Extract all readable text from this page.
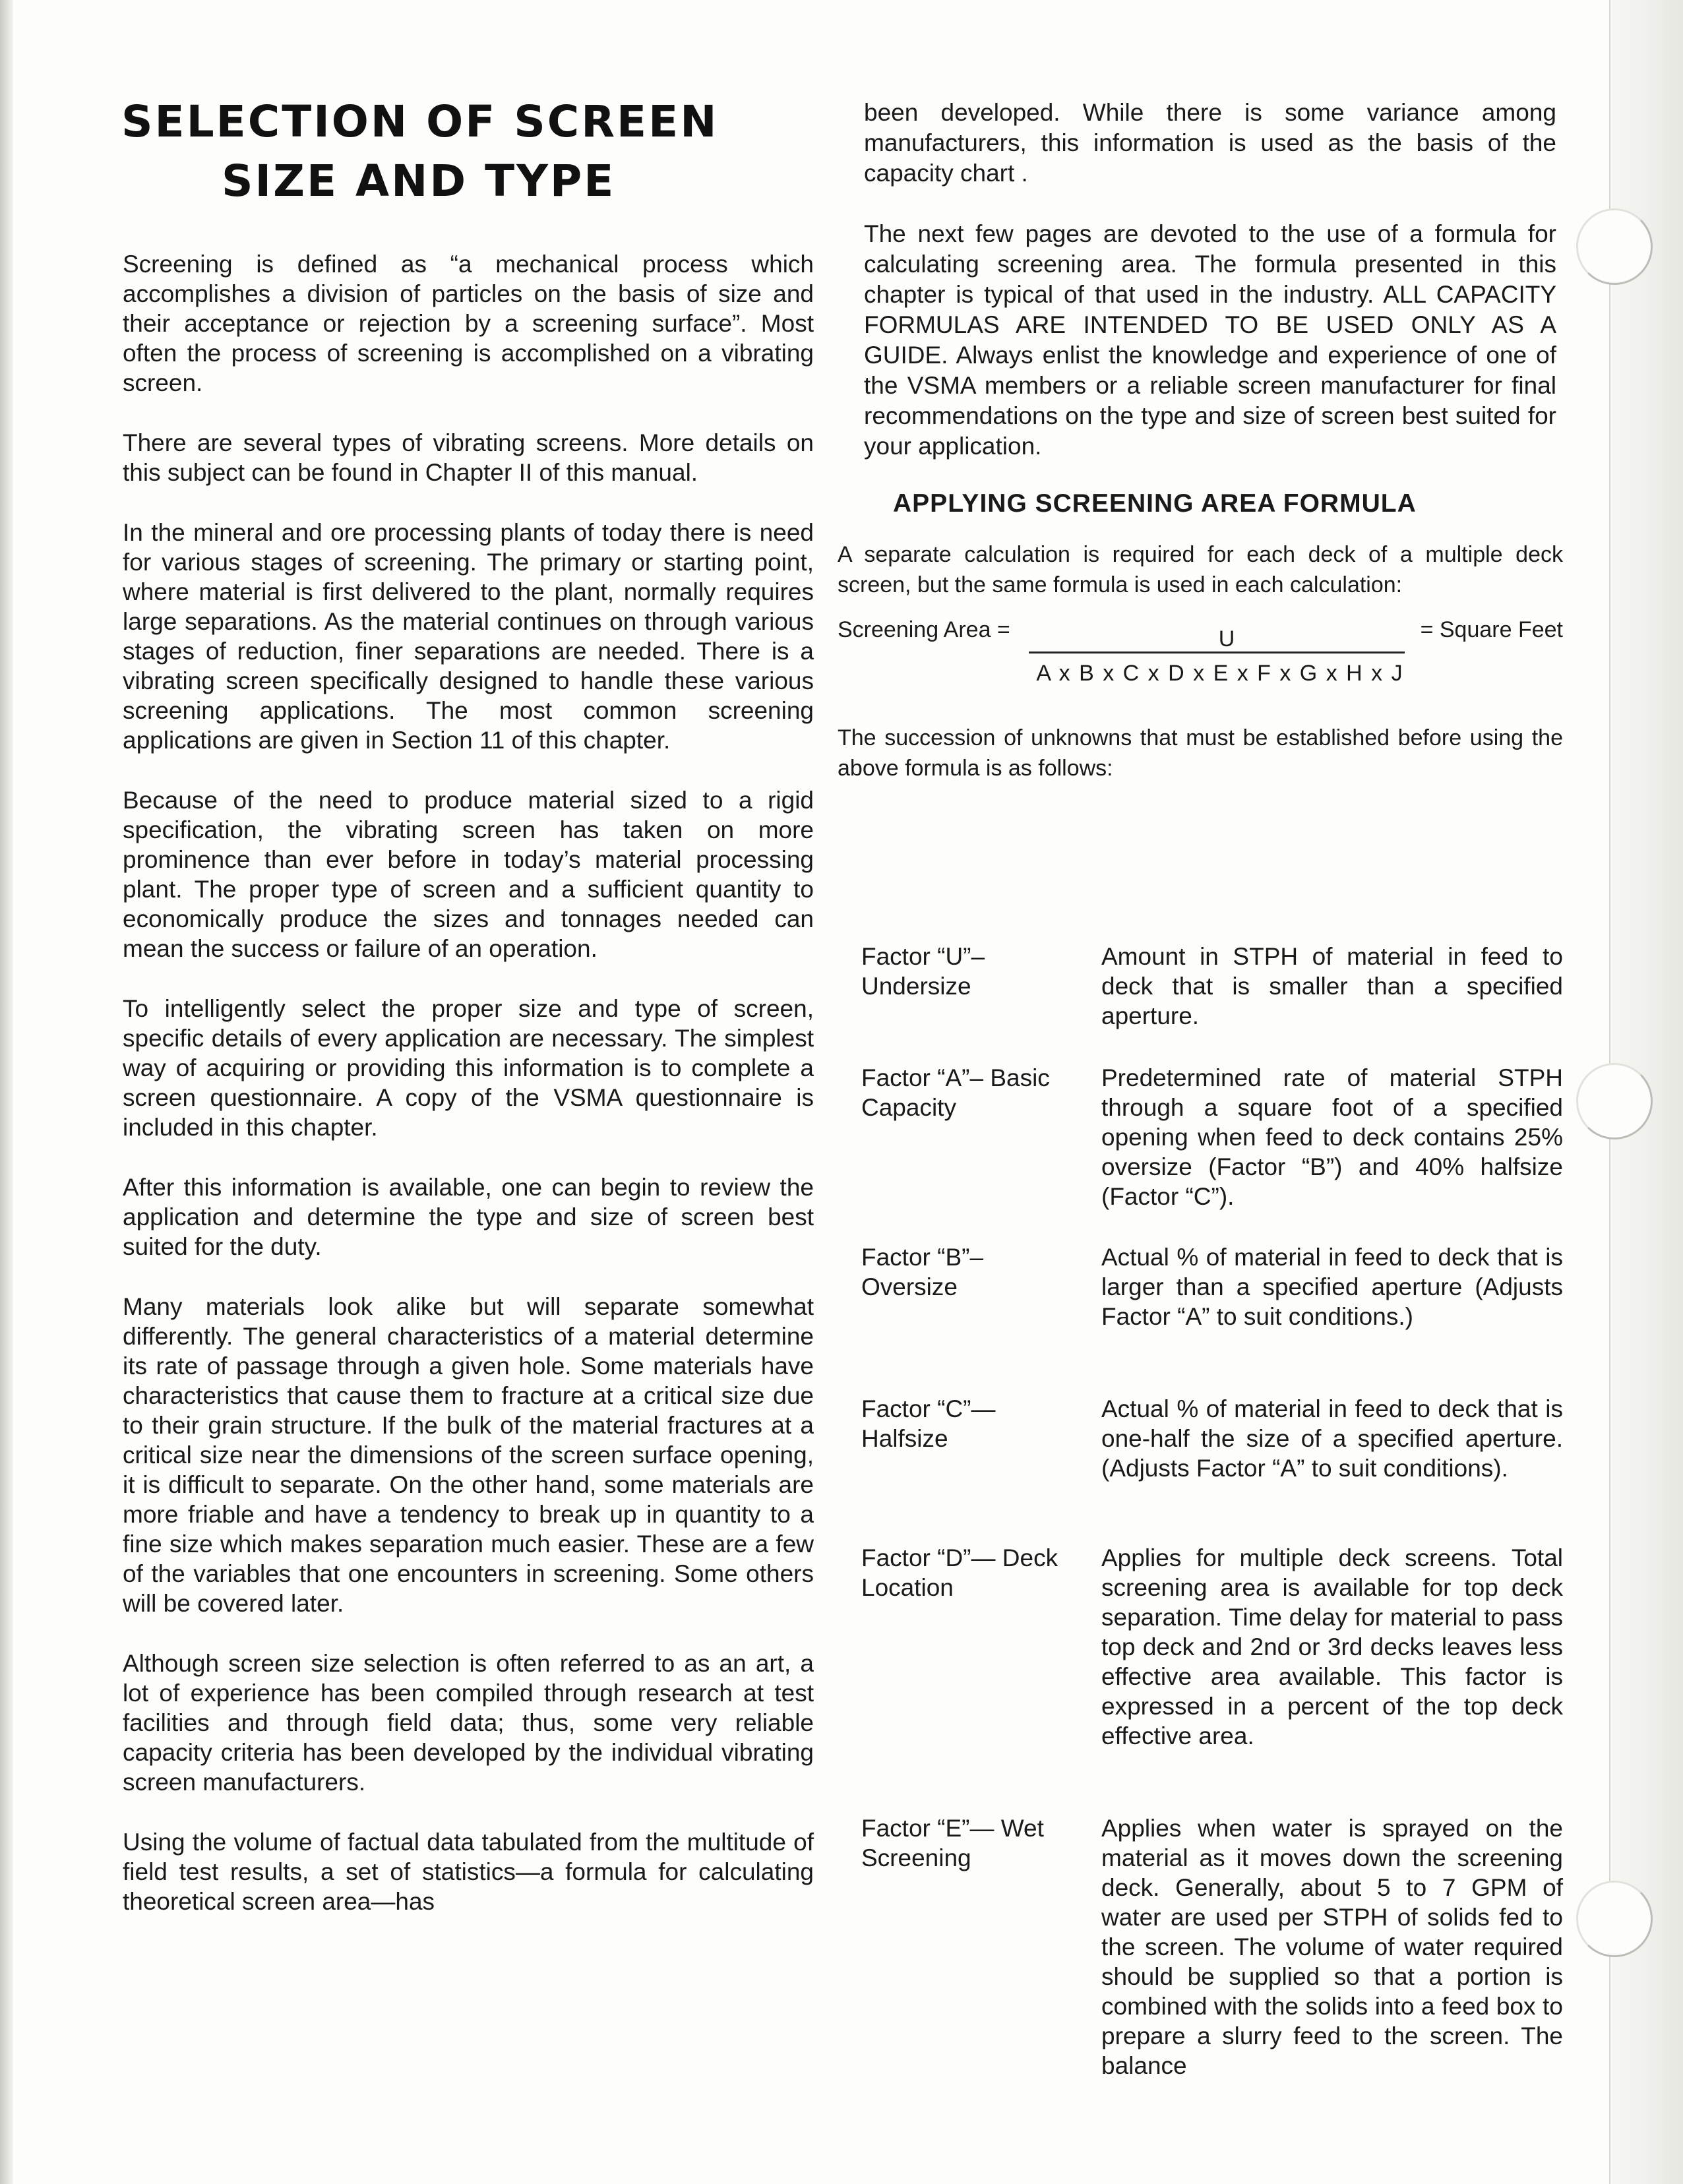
SELECTION OF SCREEN
SIZE AND TYPE

Screening is defined as “a mechanical process which accomplishes a division of particles on the basis of size and their acceptance or rejection by a screening surface”. Most often the process of screening is accomplished on a vibrating screen.

There are several types of vibrating screens. More details on this subject can be found in Chapter II of this manual.

In the mineral and ore processing plants of today there is need for various stages of screening. The primary or starting point, where material is first delivered to the plant, normally requires large separations. As the material continues on through various stages of reduction, finer separations are needed. There is a vibrating screen specifically designed to handle these various screening applications. The most common screening applications are given in Section 11 of this chapter.

Because of the need to produce material sized to a rigid specification, the vibrating screen has taken on more prominence than ever before in today’s material processing plant. The proper type of screen and a sufficient quantity to economically produce the sizes and tonnages needed can mean the success or failure of an operation.

To intelligently select the proper size and type of screen, specific details of every application are necessary. The simplest way of acquiring or providing this information is to complete a screen questionnaire. A copy of the VSMA questionnaire is included in this chapter.

After this information is available, one can begin to review the application and determine the type and size of screen best suited for the duty.

Many materials look alike but will separate somewhat differently. The general characteristics of a material determine its rate of passage through a given hole. Some materials have characteristics that cause them to fracture at a critical size due to their grain structure. If the bulk of the material fractures at a critical size near the dimensions of the screen surface opening, it is difficult to separate. On the other hand, some materials are more friable and have a tendency to break up in quantity to a fine size which makes separation much easier. These are a few of the variables that one encounters in screening. Some others will be covered later.

Although screen size selection is often referred to as an art, a lot of experience has been compiled through research at test facilities and through field data; thus, some very reliable capacity criteria has been developed by the individual vibrating screen manufacturers.

Using the volume of factual data tabulated from the multitude of field test results, a set of statistics—a formula for calculating theoretical screen area—has

been developed. While there is some variance among manufacturers, this information is used as the basis of the capacity chart .

The next few pages are devoted to the use of a formula for calculating screening area. The formula presented in this chapter is typical of that used in the industry. ALL CAPACITY FORMULAS ARE INTENDED TO BE USED ONLY AS A GUIDE. Always enlist the knowledge and experience of one of the VSMA members or a reliable screen manufacturer for final recommendations on the type and size of screen best suited for your application.

APPLYING SCREENING AREA FORMULA
A separate calculation is required for each deck of a multiple deck screen, but the same formula is used in each calculation:
Screening Area =	U	= Square Feet
A x B x C x D x E x F x G x H x J
The succession of unknowns that must be established before using the above formula is as follows:
Factor “U”– Undersize
Amount in STPH of material in feed to deck that is smaller than a specified aperture.
Factor “A”– Basic Capacity
Predetermined rate of material STPH through a square foot of a specified opening when feed to deck contains 25% oversize (Factor “B”) and 40% halfsize (Factor “C”).
Factor “B”– Oversize
Actual % of material in feed to deck that is larger than a specified aperture (Adjusts Factor “A” to suit conditions.)
Factor “C”— Halfsize
Actual % of material in feed to deck that is one-half the size of a specified aperture. (Adjusts Factor “A” to suit conditions).
Factor “D”— Deck Location
Applies for multiple deck screens. Total screening area is available for top deck separation. Time delay for material to pass top deck and 2nd or 3rd decks leaves less effective area available. This factor is expressed in a percent of the top deck effective area.
Factor “E”— Wet Screening
Applies when water is sprayed on the material as it moves down the screening deck. Generally, about 5 to 7 GPM of water are used per STPH of solids fed to the screen. The volume of water required should be supplied so that a portion is combined with the solids into a feed box to prepare a slurry feed to the screen. The balance
